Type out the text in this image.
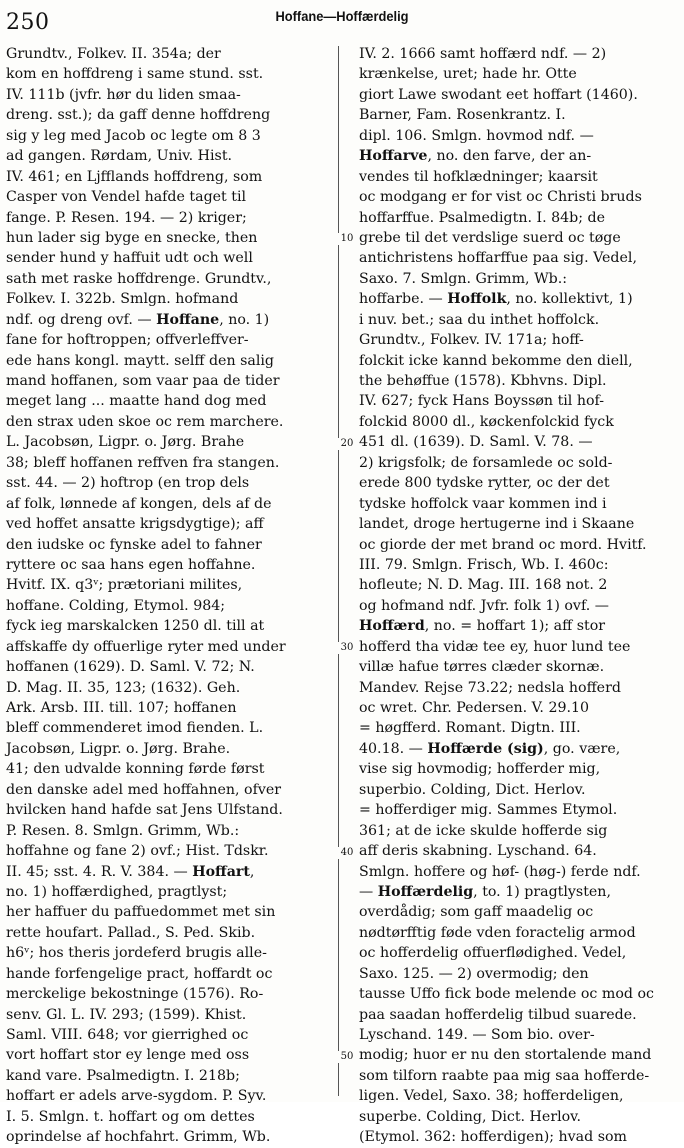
250	Hoffane—Hoffærdelig
Grundtv., Folkev. II. 354a; der
kom en hoffdreng i same stund. sst.
IV. 111b (jvfr. hør du liden smaa-
dreng. sst.); da gaff denne hoffdreng
sig y leg med Jacob oc legte om 8 3
ad gangen. Rørdam, Univ. Hist.
IV. 461; en Ljfflands hoffdreng, som
Casper von Vendel hafde taget til
fange. P. Resen. 194. — 2) kriger;
hun lader sig byge en snecke, then
sender hund y haffuit udt och well
sath met raske hoffdrenge. Grundtv.,
Folkev. I. 322b. Smlgn. hofmand
ndf. og dreng ovf. — Hoffane, no. 1)
fane for hoftroppen; offverleffver-
ede hans kongl. maytt. selff den salig
mand hoffanen, som vaar paa de tider
meget lang ... maatte hand dog med
den strax uden skoe oc rem marchere.
L. Jacobsøn, Ligpr. o. Jørg. Brahe
38; bleff hoffanen reffven fra stangen.
sst. 44. — 2) hoftrop (en trop dels
af folk, lønnede af kongen, dels af de
ved hoffet ansatte krigsdygtige); aff
den iudske oc fynske adel to fahner
ryttere oc saa hans egen hoffahne.
Hvitf. IX. q3ᵛ; prætoriani milites,
hoffane. Colding, Etymol. 984;
fyck ieg marskalcken 1250 dl. till at
affskaffe dy offuerlige ryter med under
hoffanen (1629). D. Saml. V. 72; N.
D. Mag. II. 35, 123; (1632). Geh.
Ark. Arsb. III. till. 107; hoffanen
bleff commenderet imod fienden. L.
Jacobsøn, Ligpr. o. Jørg. Brahe.
41; den udvalde konning førde først
den danske adel med hoffahnen, ofver
hvilcken hand hafde sat Jens Ulfstand.
P. Resen. 8. Smlgn. Grimm, Wb.:
hoffahne og fane 2) ovf.; Hist. Tdskr.
II. 45; sst. 4. R. V. 384. — Hoffart,
no. 1) hoffærdighed, pragtlyst;
her haffuer du paffuedommet met sin
rette houfart. Pallad., S. Ped. Skib.
h6ᵛ; hos theris jordeferd brugis alle-
hande forfengelige pract, hoffardt oc
merckelige bekostninge (1576). Ro-
senv. Gl. L. IV. 293; (1599). Khist.
Saml. VIII. 648; vor gierrighed oc
vort hoffart stor ey lenge med oss
kand vare. Psalmedigtn. I. 218b;
hoffart er adels arve-sygdom. P. Syv.
I. 5. Smlgn. t. hoffart og om dettes
oprindelse af hochfahrt. Grimm, Wb.
10
20
30
40
50
IV. 2. 1666 samt hoffærd ndf. — 2)
krænkelse, uret; hade hr. Otte
giort Lawe swodant eet hoffart (1460).
Barner, Fam. Rosenkrantz. I.
dipl. 106. Smlgn. hovmod ndf. —
Hoffarve, no. den farve, der an-
vendes til hofklædninger; kaarsit
oc modgang er for vist oc Christi bruds
hoffarffue. Psalmedigtn. I. 84b; de
grebe til det verdslige suerd oc tøge
antichristens hoffarffue paa sig. Vedel,
Saxo. 7. Smlgn. Grimm, Wb.:
hoffarbe. — Hoffolk, no. kollektivt, 1)
i nuv. bet.; saa du inthet hoffolck.
Grundtv., Folkev. IV. 171a; hoff-
folckit icke kannd bekomme den diell,
the behøffue (1578). Kbhvns. Dipl.
IV. 627; fyck Hans Boyssøn til hof-
folckid 8000 dl., køckenfolckid fyck
451 dl. (1639). D. Saml. V. 78. —
2) krigsfolk; de forsamlede oc sold-
erede 800 tydske rytter, oc der det
tydske hoffolck vaar kommen ind i
landet, droge hertugerne ind i Skaane
oc giorde der met brand oc mord. Hvitf.
III. 79. Smlgn. Frisch, Wb. I. 460c:
hofleute; N. D. Mag. III. 168 not. 2
og hofmand ndf. Jvfr. folk 1) ovf. —
Hoffærd, no. = hoffart 1); aff stor
hofferd tha vidæ tee ey, huor lund tee
villæ hafue tørres clæder skornæ.
Mandev. Rejse 73.22; nedsla hofferd
oc wret. Chr. Pedersen. V. 29.10
= høgfferd. Romant. Digtn. III.
40.18. — Hoffærde (sig), go. være,
vise sig hovmodig; hofferder mig,
superbio. Colding, Dict. Herlov.
= hofferdiger mig. Sammes Etymol.
361; at de icke skulde hofferde sig
aff deris skabning. Lyschand. 64.
Smlgn. hoffere og høf- (høg-) ferde ndf.
— Hoffærdelig, to. 1) pragtlysten,
overdådig; som gaff maadelig oc
nødtørfftig føde vden foractelig armod
oc hofferdelig offuerflødighed. Vedel,
Saxo. 125. — 2) overmodig; den
tausse Uffo fick bode melende oc mod oc
paa saadan hofferdelig tilbud suarede.
Lyschand. 149. — Som bio. over-
modig; huor er nu den stortalende mand
som tilforn raabte paa mig saa hofferde-
ligen. Vedel, Saxo. 38; hofferdeligen,
superbe. Colding, Dict. Herlov.
(Etymol. 362: hofferdigen); hvad som
